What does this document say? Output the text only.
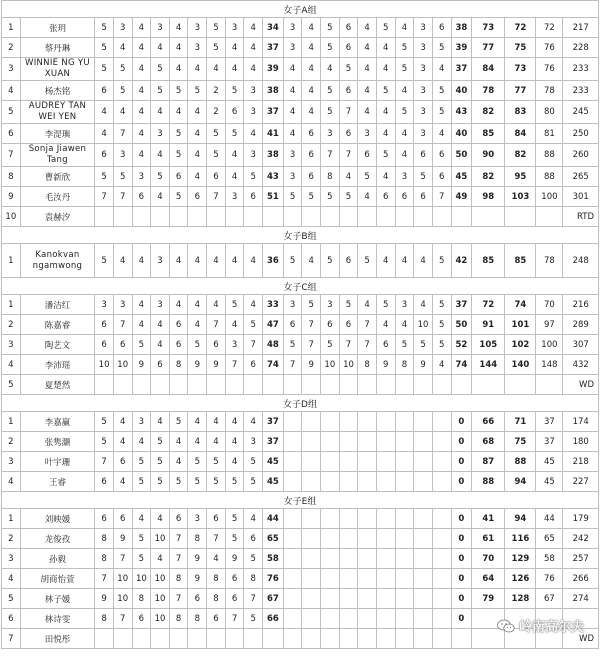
女子A组																									
1	张玥	5	3	4	3	4	3	5	3	4	34	3	4	5	6	4	5	4	3	6	38	73	72	72	217
2	蔡丹琳	5	4	4	4	4	3	5	4	4	37	3	4	5	6	4	4	5	3	5	39	77	75	76	228
3	WINNIE NG YU XUAN	5	5	4	5	4	4	4	4	4	39	4	4	4	5	4	4	5	3	4	37	84	73	76	233
4	杨杰铭	6	5	4	5	5	5	2	5	3	38	4	4	5	6	4	5	4	3	5	40	78	77	78	233
5	AUDREY TAN WEI YEN	4	4	4	4	4	4	2	6	3	37	4	4	5	7	4	4	5	3	5	43	82	83	80	245
6	李湜璵	4	7	4	3	5	4	5	5	4	41	4	6	3	6	3	4	4	3	4	40	85	84	81	250
7	Sonja Jiawen Tang	6	3	4	4	5	4	5	4	3	38	3	6	7	7	6	5	4	6	6	50	90	82	88	260
8	曹新欣	5	5	3	5	6	4	6	4	5	43	3	6	8	4	5	4	3	5	6	45	82	95	88	265
9	毛汝丹	7	7	6	4	5	6	7	3	6	51	5	5	5	5	4	6	6	6	7	49	98	103	100	301
10	袁赫汐																								RTD
女子B组																									
1	Kanokvan ngamwong	5	4	4	3	4	4	4	4	4	36	5	4	5	6	5	4	4	4	5	42	85	85	78	248
女子C组																									
1	潘洁红	3	3	4	3	4	4	4	5	4	33	3	5	3	5	4	5	3	4	5	37	72	74	70	216
2	陈嘉睿	6	7	4	4	6	4	7	4	5	47	6	7	6	6	7	4	4	10	5	50	91	101	97	289
3	陶艺文	6	6	5	4	6	5	6	3	7	48	5	7	5	7	7	6	5	5	5	52	105	102	100	307
4	李沛瑶	10	10	9	6	8	9	9	7	6	74	7	9	10	10	8	9	8	9	4	74	144	140	148	432
5	夏楚然																								WD
女子D组																									
1	李嘉赢	5	4	3	4	5	4	4	4	4	37										0	66	71	37	174
2	张隽灏	5	4	4	5	4	4	4	4	3	37										0	68	75	37	180
3	叶宇珊	7	6	5	5	4	5	5	4	5	45										0	87	88	45	218
4	王睿	6	4	5	5	5	5	5	5	5	45										0	88	94	45	227
女子E组																									
1	刘映媛	6	6	4	4	6	3	6	5	4	44										0	41	94	44	179
2	龙俊孜	8	9	5	10	7	8	7	5	6	65										0	61	116	65	242
3	孙毅	8	7	5	4	7	9	4	9	5	58										0	70	129	58	257
4	胡商怡萱	7	10	10	10	8	9	8	6	8	76										0	64	126	76	266
5	林子媛	9	10	8	10	7	6	8	6	7	67										0	79	128	67	274
6	林诗雯	8	7	6	10	8	8	6	7	5	66										0				
7	田悦彤																								WD
岭南高尔夫
